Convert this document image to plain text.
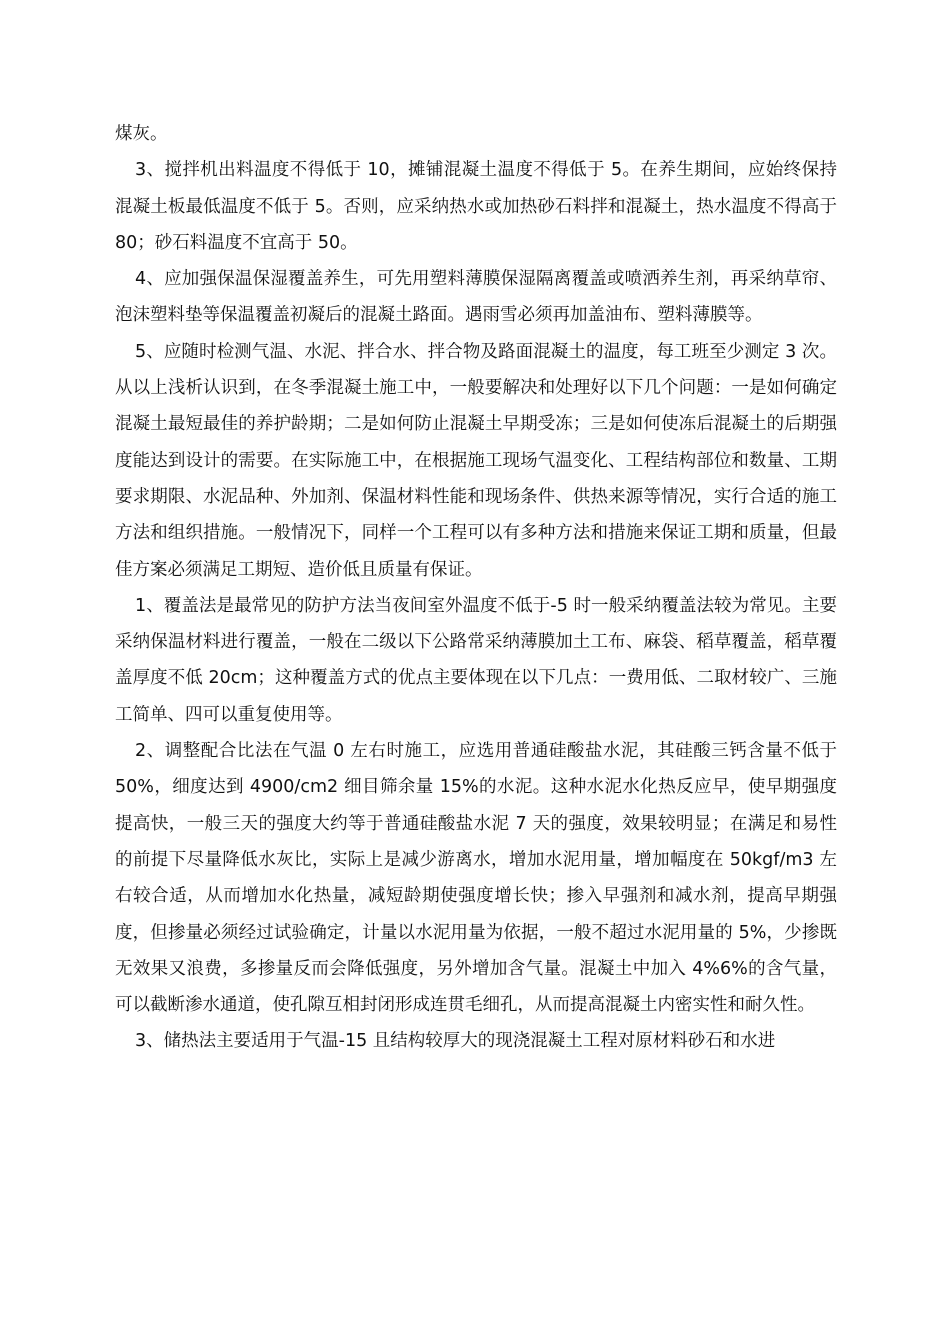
煤灰。

3、搅拌机出料温度不得低于 10，摊铺混凝土温度不得低于 5。在养生期间，应始终保持混凝土板最低温度不低于 5。否则，应采纳热水或加热砂石料拌和混凝土，热水温度不得高于 80；砂石料温度不宜高于 50。

4、应加强保温保湿覆盖养生，可先用塑料薄膜保湿隔离覆盖或喷洒养生剂，再采纳草帘、泡沫塑料垫等保温覆盖初凝后的混凝土路面。遇雨雪必须再加盖油布、塑料薄膜等。

5、应随时检测气温、水泥、拌合水、拌合物及路面混凝土的温度，每工班至少测定 3 次。从以上浅析认识到，在冬季混凝土施工中，一般要解决和处理好以下几个问题：一是如何确定混凝土最短最佳的养护龄期；二是如何防止混凝土早期受冻；三是如何使冻后混凝土的后期强度能达到设计的需要。在实际施工中，在根据施工现场气温变化、工程结构部位和数量、工期要求期限、水泥品种、外加剂、保温材料性能和现场条件、供热来源等情况，实行合适的施工方法和组织措施。一般情况下，同样一个工程可以有多种方法和措施来保证工期和质量，但最佳方案必须满足工期短、造价低且质量有保证。

1、覆盖法是最常见的防护方法当夜间室外温度不低于-5 时一般采纳覆盖法较为常见。主要采纳保温材料进行覆盖，一般在二级以下公路常采纳薄膜加土工布、麻袋、稻草覆盖，稻草覆盖厚度不低 20cm；这种覆盖方式的优点主要体现在以下几点：一费用低、二取材较广、三施工简单、四可以重复使用等。

2、调整配合比法在气温 0 左右时施工，应选用普通硅酸盐水泥，其硅酸三钙含量不低于 50%，细度达到 4900/cm2 细目筛余量 15%的水泥。这种水泥水化热反应早，使早期强度提高快，一般三天的强度大约等于普通硅酸盐水泥 7 天的强度，效果较明显；在满足和易性的前提下尽量降低水灰比，实际上是减少游离水，增加水泥用量，增加幅度在 50kgf/m3 左右较合适，从而增加水化热量，减短龄期使强度增长快；掺入早强剂和减水剂，提高早期强度，但掺量必须经过试验确定，计量以水泥用量为依据，一般不超过水泥用量的 5%，少掺既无效果又浪费，多掺量反而会降低强度，另外增加含气量。混凝土中加入 4%6%的含气量，可以截断渗水通道，使孔隙互相封闭形成连贯毛细孔，从而提高混凝土内密实性和耐久性。

3、储热法主要适用于气温-15 且结构较厚大的现浇混凝土工程对原材料砂石和水进
